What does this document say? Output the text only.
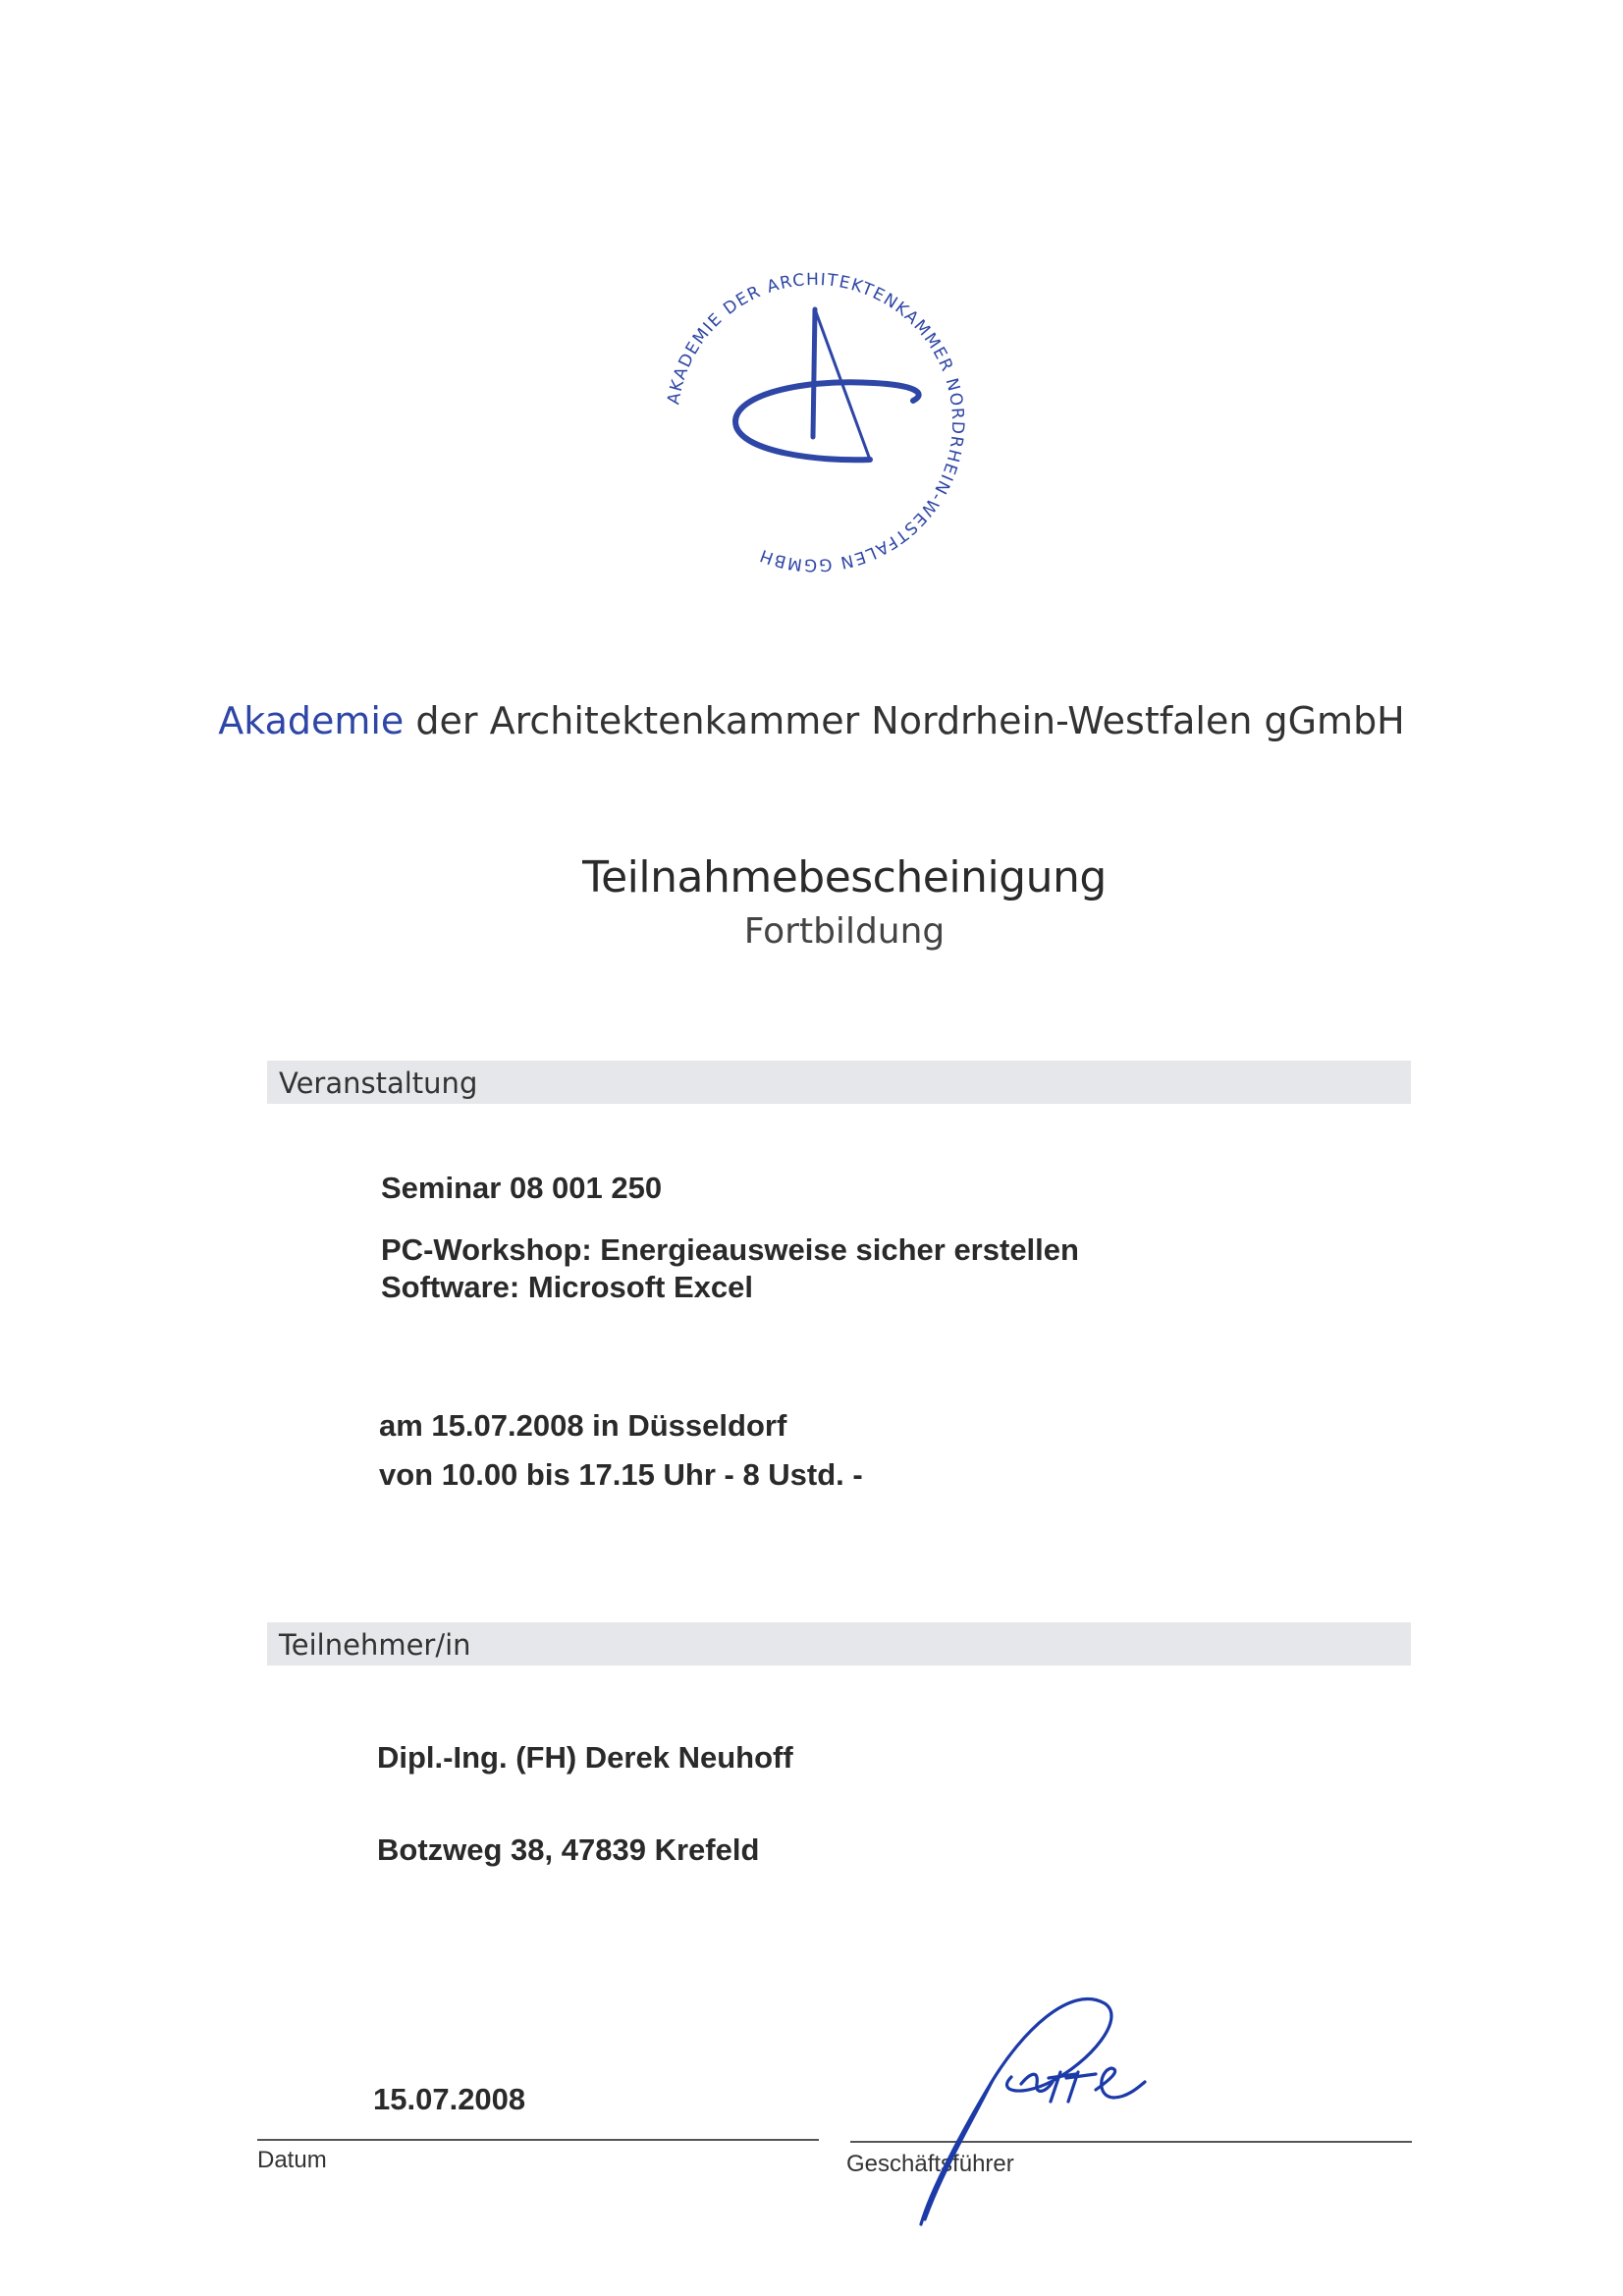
AKADEMIE DER ARCHITEKTENKAMMER NORDRHEIN-WESTFALEN GGMBH
Akademie der Architektenkammer Nordrhein-Westfalen gGmbH
Teilnahmebescheinigung
Fortbildung
Veranstaltung
Seminar 08 001 250
PC-Workshop: Energieausweise sicher erstellen
Software: Microsoft Excel
am 15.07.2008 in Düsseldorf
von 10.00 bis 17.15 Uhr - 8 Ustd. -
Teilnehmer/in
Dipl.-Ing. (FH) Derek Neuhoff
Botzweg 38, 47839 Krefeld
15.07.2008
Datum	Geschäftsführer
